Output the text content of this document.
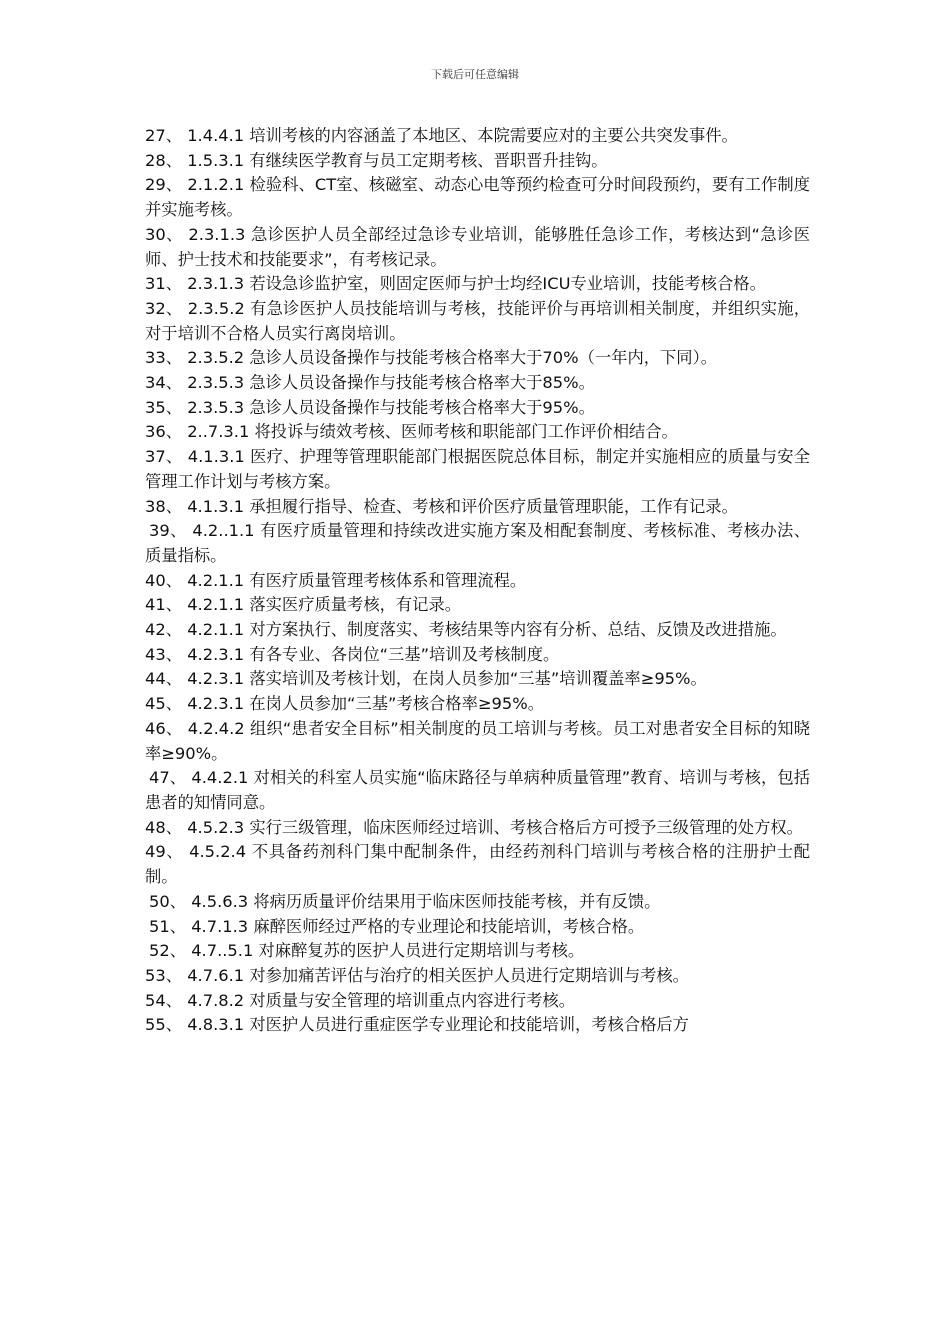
下载后可任意编辑
27、 1.4.4.1 培训考核的内容涵盖了本地区、本院需要应对的主要公共突发事件。
28、 1.5.3.1 有继续医学教育与员工定期考核、晋职晋升挂钩。
29、 2.1.2.1 检验科、CT室、核磁室、动态心电等预约检查可分时间段预约，要有工作制度并实施考核。
30、 2.3.1.3 急诊医护人员全部经过急诊专业培训，能够胜任急诊工作，考核达到“急诊医师、护士技术和技能要求”，有考核记录。
31、 2.3.1.3 若设急诊监护室，则固定医师与护士均经ICU专业培训，技能考核合格。
32、 2.3.5.2 有急诊医护人员技能培训与考核，技能评价与再培训相关制度，并组织实施，对于培训不合格人员实行离岗培训。
33、 2.3.5.2 急诊人员设备操作与技能考核合格率大于70%（一年内，下同）。
34、 2.3.5.3 急诊人员设备操作与技能考核合格率大于85%。
35、 2.3.5.3 急诊人员设备操作与技能考核合格率大于95%。
36、 2..7.3.1 将投诉与绩效考核、医师考核和职能部门工作评价相结合。
37、 4.1.3.1 医疗、护理等管理职能部门根据医院总体目标，制定并实施相应的质量与安全管理工作计划与考核方案。
38、 4.1.3.1 承担履行指导、检查、考核和评价医疗质量管理职能，工作有记录。
39、 4.2..1.1 有医疗质量管理和持续改进实施方案及相配套制度、考核标准、考核办法、质量指标。
40、 4.2.1.1 有医疗质量管理考核体系和管理流程。
41、 4.2.1.1 落实医疗质量考核，有记录。
42、 4.2.1.1 对方案执行、制度落实、考核结果等内容有分析、总结、反馈及改进措施。
43、 4.2.3.1 有各专业、各岗位“三基”培训及考核制度。
44、 4.2.3.1 落实培训及考核计划，在岗人员参加“三基”培训覆盖率≥95%。
45、 4.2.3.1 在岗人员参加“三基”考核合格率≥95%。
46、 4.2.4.2 组织“患者安全目标”相关制度的员工培训与考核。员工对患者安全目标的知晓率≥90%。
47、 4.4.2.1 对相关的科室人员实施“临床路径与单病种质量管理”教育、培训与考核，包括患者的知情同意。
48、 4.5.2.3 实行三级管理，临床医师经过培训、考核合格后方可授予三级管理的处方权。
49、 4.5.2.4 不具备药剂科门集中配制条件，由经药剂科门培训与考核合格的注册护士配制。
50、 4.5.6.3 将病历质量评价结果用于临床医师技能考核，并有反馈。
51、 4.7.1.3 麻醉医师经过严格的专业理论和技能培训，考核合格。
52、 4.7..5.1 对麻醉复苏的医护人员进行定期培训与考核。
53、 4.7.6.1 对参加痛苦评估与治疗的相关医护人员进行定期培训与考核。
54、 4.7.8.2 对质量与安全管理的培训重点内容进行考核。
55、 4.8.3.1 对医护人员进行重症医学专业理论和技能培训，考核合格后方
